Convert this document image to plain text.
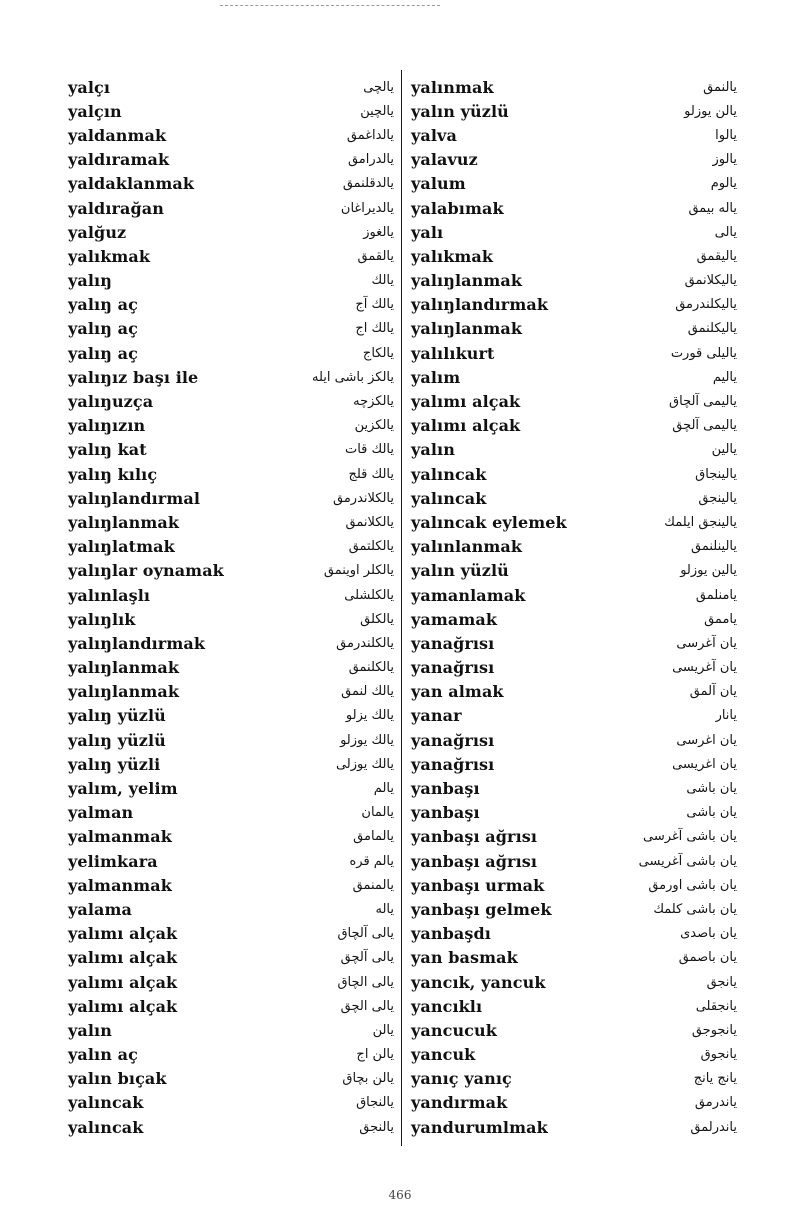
yalçı	یالچی
yalçın	یالچین
yaldanmak	یالداغمق
yaldıramak	یالدرامق
yaldaklanmak	یالدقلنمق
yaldırağan	یالدیراغان
yalğuz	یالغوز
yalıkmak	یالقمق
yalıŋ	یالك
yalıŋ aç	یالك آج
yalıŋ aç	یالك اج
yalıŋ aç	یالکاج
yalıŋız başı ile	یالکز باشی ایله
yalıŋuzça	یالکزچه
yalıŋızın	یالکزین
yalıŋ kat	یالك قات
yalıŋ kılıç	یالك قلج
yalıŋlandırmal	یالکلاندرمق
yalıŋlanmak	یالکلانمق
yalıŋlatmak	یالکلتمق
yalıŋlar oynamak	یالکلر اوینمق
yalınlaşlı	یالکلشلی
yalıŋlık	یالکلق
yalıŋlandırmak	یالکلندرمق
yalıŋlanmak	یالکلنمق
yalıŋlanmak	یالك لنمق
yalıŋ yüzlü	یالك یزلو
yalıŋ yüzlü	یالك یوزلو
yalıŋ yüzli	یالك یوزلی
yalım, yelim	یالم
yalman	یالمان
yalmanmak	یالمامق
yelimkara	یالم قره
yalmanmak	یالمنمق
yalama	یاله
yalımı alçak	یالی آلچاق
yalımı alçak	یالی آلچق
yalımı alçak	یالی الچاق
yalımı alçak	یالی الچق
yalın	یالن
yalın aç	یالن اج
yalın bıçak	یالن بچاق
yalıncak	یالنجاق
yalıncak	یالنجق
yalınmak	یالنمق
yalın yüzlü	یالن یوزلو
yalva	یالوا
yalavuz	یالوز
yalum	یالوم
yalabımak	یاله بیمق
yalı	یالی
yalıkmak	یالیقمق
yalıŋlanmak	یالیکلانمق
yalıŋlandırmak	یالیکلندرمق
yalıŋlanmak	یالیکلنمق
yalılıkurt	یالیلی قورت
yalım	یالیم
yalımı alçak	یالیمی آلچاق
yalımı alçak	یالیمی آلچق
yalın	یالین
yalıncak	یالینجاق
yalıncak	یالینجق
yalıncak eylemek	یالینجق ایلمك
yalınlanmak	یالینلنمق
yalın yüzlü	یالین یوزلو
yamanlamak	یامنلمق
yamamak	یاممق
yanağrısı	یان آغرسی
yanağrısı	یان آغریسی
yan almak	یان آلمق
yanar	یانار
yanağrısı	یان اغرسی
yanağrısı	یان اغریسی
yanbaşı	یان باشی
yanbaşı	یان باشی
yanbaşı ağrısı	یان باشی آغرسی
yanbaşı ağrısı	یان باشی آغریسی
yanbaşı urmak	یان باشی اورمق
yanbaşı gelmek	یان باشی کلمك
yanbaşdı	یان باصدی
yan basmak	یان باصمق
yancık, yancuk	یانجق
yancıklı	یانجقلی
yancucuk	یانجوجق
yancuk	یانجوق
yanıç yanıç	یانج یانج
yandırmak	یاندرمق
yandurumlmak	یاندرلمق
466
